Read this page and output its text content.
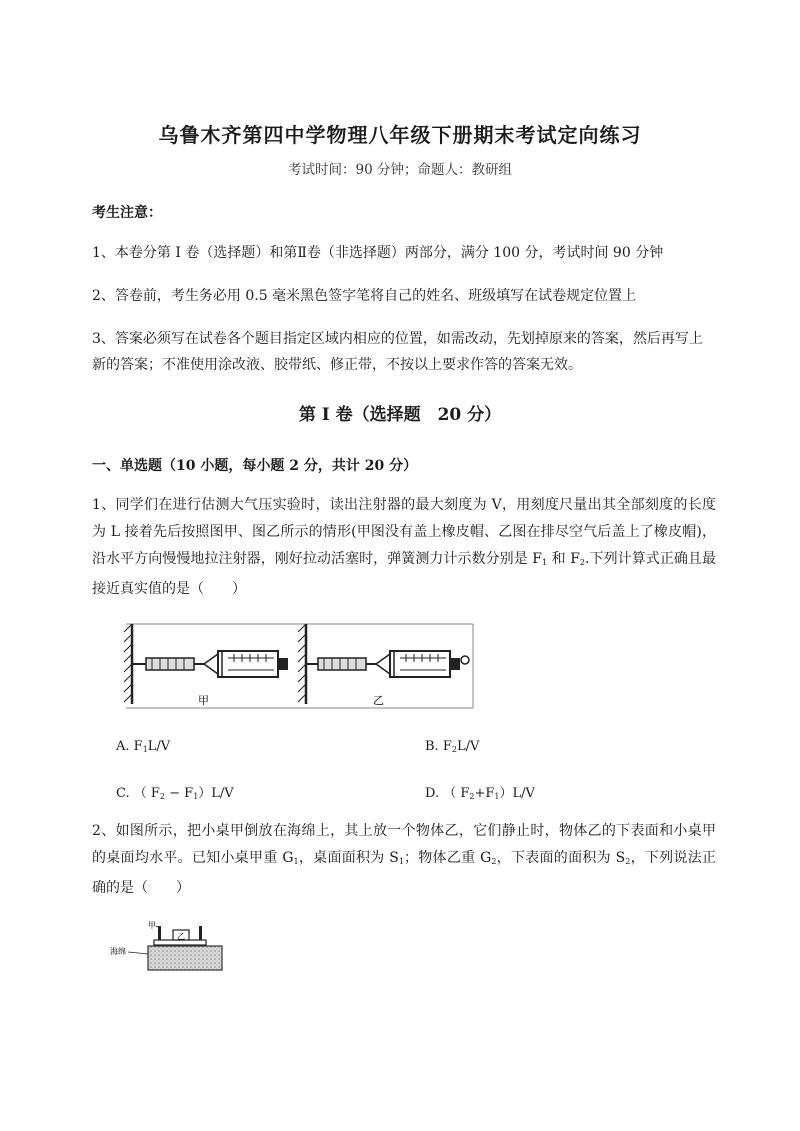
乌鲁木齐第四中学物理八年级下册期末考试定向练习
考试时间：90 分钟；命题人：教研组
考生注意：
1、本卷分第 I 卷（选择题）和第Ⅱ卷（非选择题）两部分，满分 100 分，考试时间 90 分钟
2、答卷前，考生务必用 0.5 毫米黑色签字笔将自己的姓名、班级填写在试卷规定位置上
3、答案必须写在试卷各个题目指定区域内相应的位置，如需改动，先划掉原来的答案，然后再写上新的答案；不准使用涂改液、胶带纸、修正带，不按以上要求作答的答案无效。
第 I 卷（选择题　20 分）
一、单选题（10 小题，每小题 2 分，共计 20 分）
1、同学们在进行估测大气压实验时，读出注射器的最大刻度为 V，用刻度尺量出其全部刻度的长度为 L 接着先后按照图甲、图乙所示的情形(甲图没有盖上橡皮帽、乙图在排尽空气后盖上了橡皮帽)，沿水平方向慢慢地拉注射器，刚好拉动活塞时，弹簧测力计示数分别是 $F_1$ 和 $F_2$.下列计算式正确且最接近真实值的是（　　）
甲	乙
A. $F_1L/V$	B. $F_2L/V$
C. （ $F_2 - F_1)L/V$	D. （ $F_2+F_1)L/V$
2、如图所示，把小桌甲倒放在海绵上，其上放一个物体乙，它们静止时，物体乙的下表面和小桌甲的桌面均水平。已知小桌甲重 $G_1$，桌面面积为 $S_1$；物体乙重 $G_2$，下表面的面积为 $S_2$，下列说法正确的是（　　）
乙
甲
海绵
